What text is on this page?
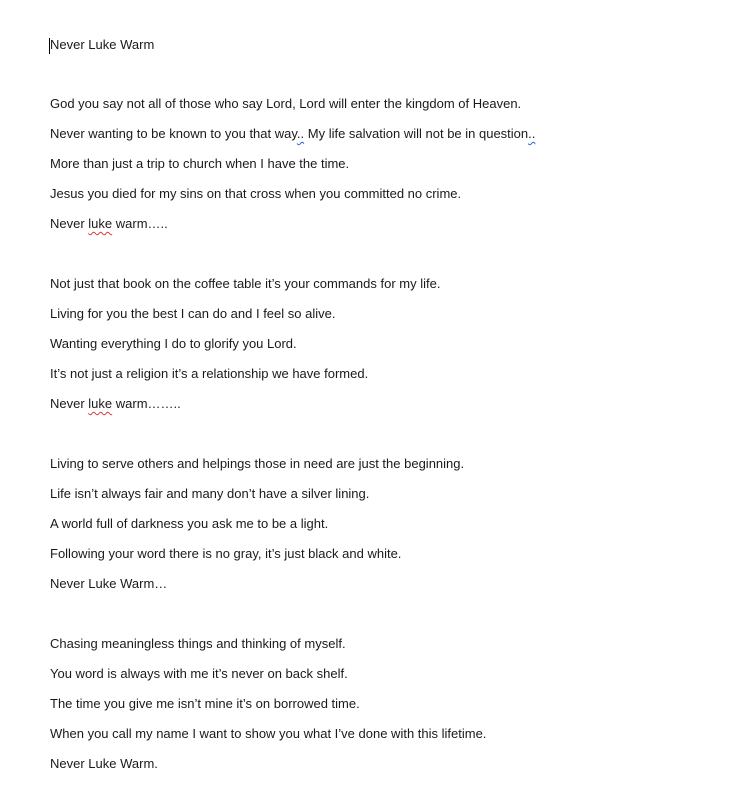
Never Luke Warm

God you say not all of those who say Lord, Lord will enter the kingdom of Heaven.

Never wanting to be known to you that way.. My life salvation will not be in question..

More than just a trip to church when I have the time.

Jesus you died for my sins on that cross when you committed no crime.

Never luke warm…..

Not just that book on the coffee table it’s your commands for my life.

Living for you the best I can do and I feel so alive.

Wanting everything I do to glorify you Lord.

It’s not just a religion it’s a relationship we have formed.

Never luke warm……..

Living to serve others and helpings those in need are just the beginning.

Life isn’t always fair and many don’t have a silver lining.

A world full of darkness you ask me to be a light.

Following your word there is no gray, it’s just black and white.

Never Luke Warm…

Chasing meaningless things and thinking of myself.

You word is always with me it’s never on back shelf.

The time you give me isn’t mine it’s on borrowed time.

When you call my name I want to show you what I’ve done with this lifetime.

Never Luke Warm.
